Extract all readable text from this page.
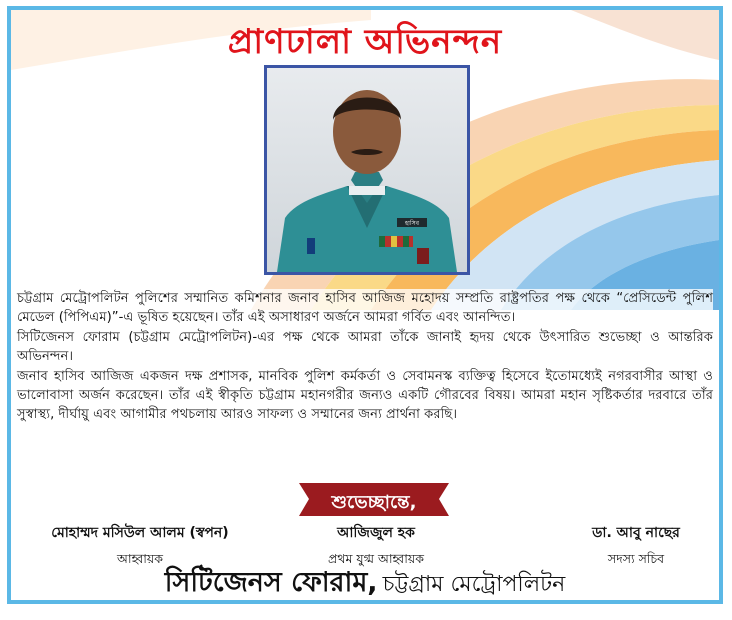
প্রাণঢালা অভিনন্দন
হাসিব

চট্টগ্রাম মেট্রোপলিটন পুলিশের সম্মানিত কমিশনার জনাব হাসিব আজিজ মহোদয় সম্প্রতি রাষ্ট্রপতির পক্ষ থেকে “প্রেসিডেন্ট পুলিশ মেডেল (পিপিএম)”-এ ভূষিত হয়েছেন। তাঁর এই অসাধারণ অর্জনে আমরা গর্বিত এবং আনন্দিত।

সিটিজেনস ফোরাম (চট্টগ্রাম মেট্রোপলিটন)-এর পক্ষ থেকে আমরা তাঁকে জানাই হৃদয় থেকে উৎসারিত শুভেচ্ছা ও আন্তরিক অভিনন্দন।

জনাব হাসিব আজিজ একজন দক্ষ প্রশাসক, মানবিক পুলিশ কর্মকর্তা ও সেবামনস্ক ব্যক্তিত্ব হিসেবে ইতোমধ্যেই নগরবাসীর আস্থা ও ভালোবাসা অর্জন করেছেন। তাঁর এই স্বীকৃতি চট্টগ্রাম মহানগরীর জন্যও একটি গৌরবের বিষয়। আমরা মহান সৃষ্টিকর্তার দরবারে তাঁর সুস্বাস্থ্য, দীর্ঘায়ু এবং আগামীর পথচলায় আরও সাফল্য ও সম্মানের জন্য প্রার্থনা করছি।

শুভেচ্ছান্তে,
মোহাম্মদ মসিউল আলম (স্বপন)
আহ্বায়ক
আজিজুল হক
প্রথম যুগ্ম আহ্বায়ক
ডা. আবু নাছের
সদস্য সচিব
সিটিজেনস ফোরাম, চট্টগ্রাম মেট্রোপলিটন
